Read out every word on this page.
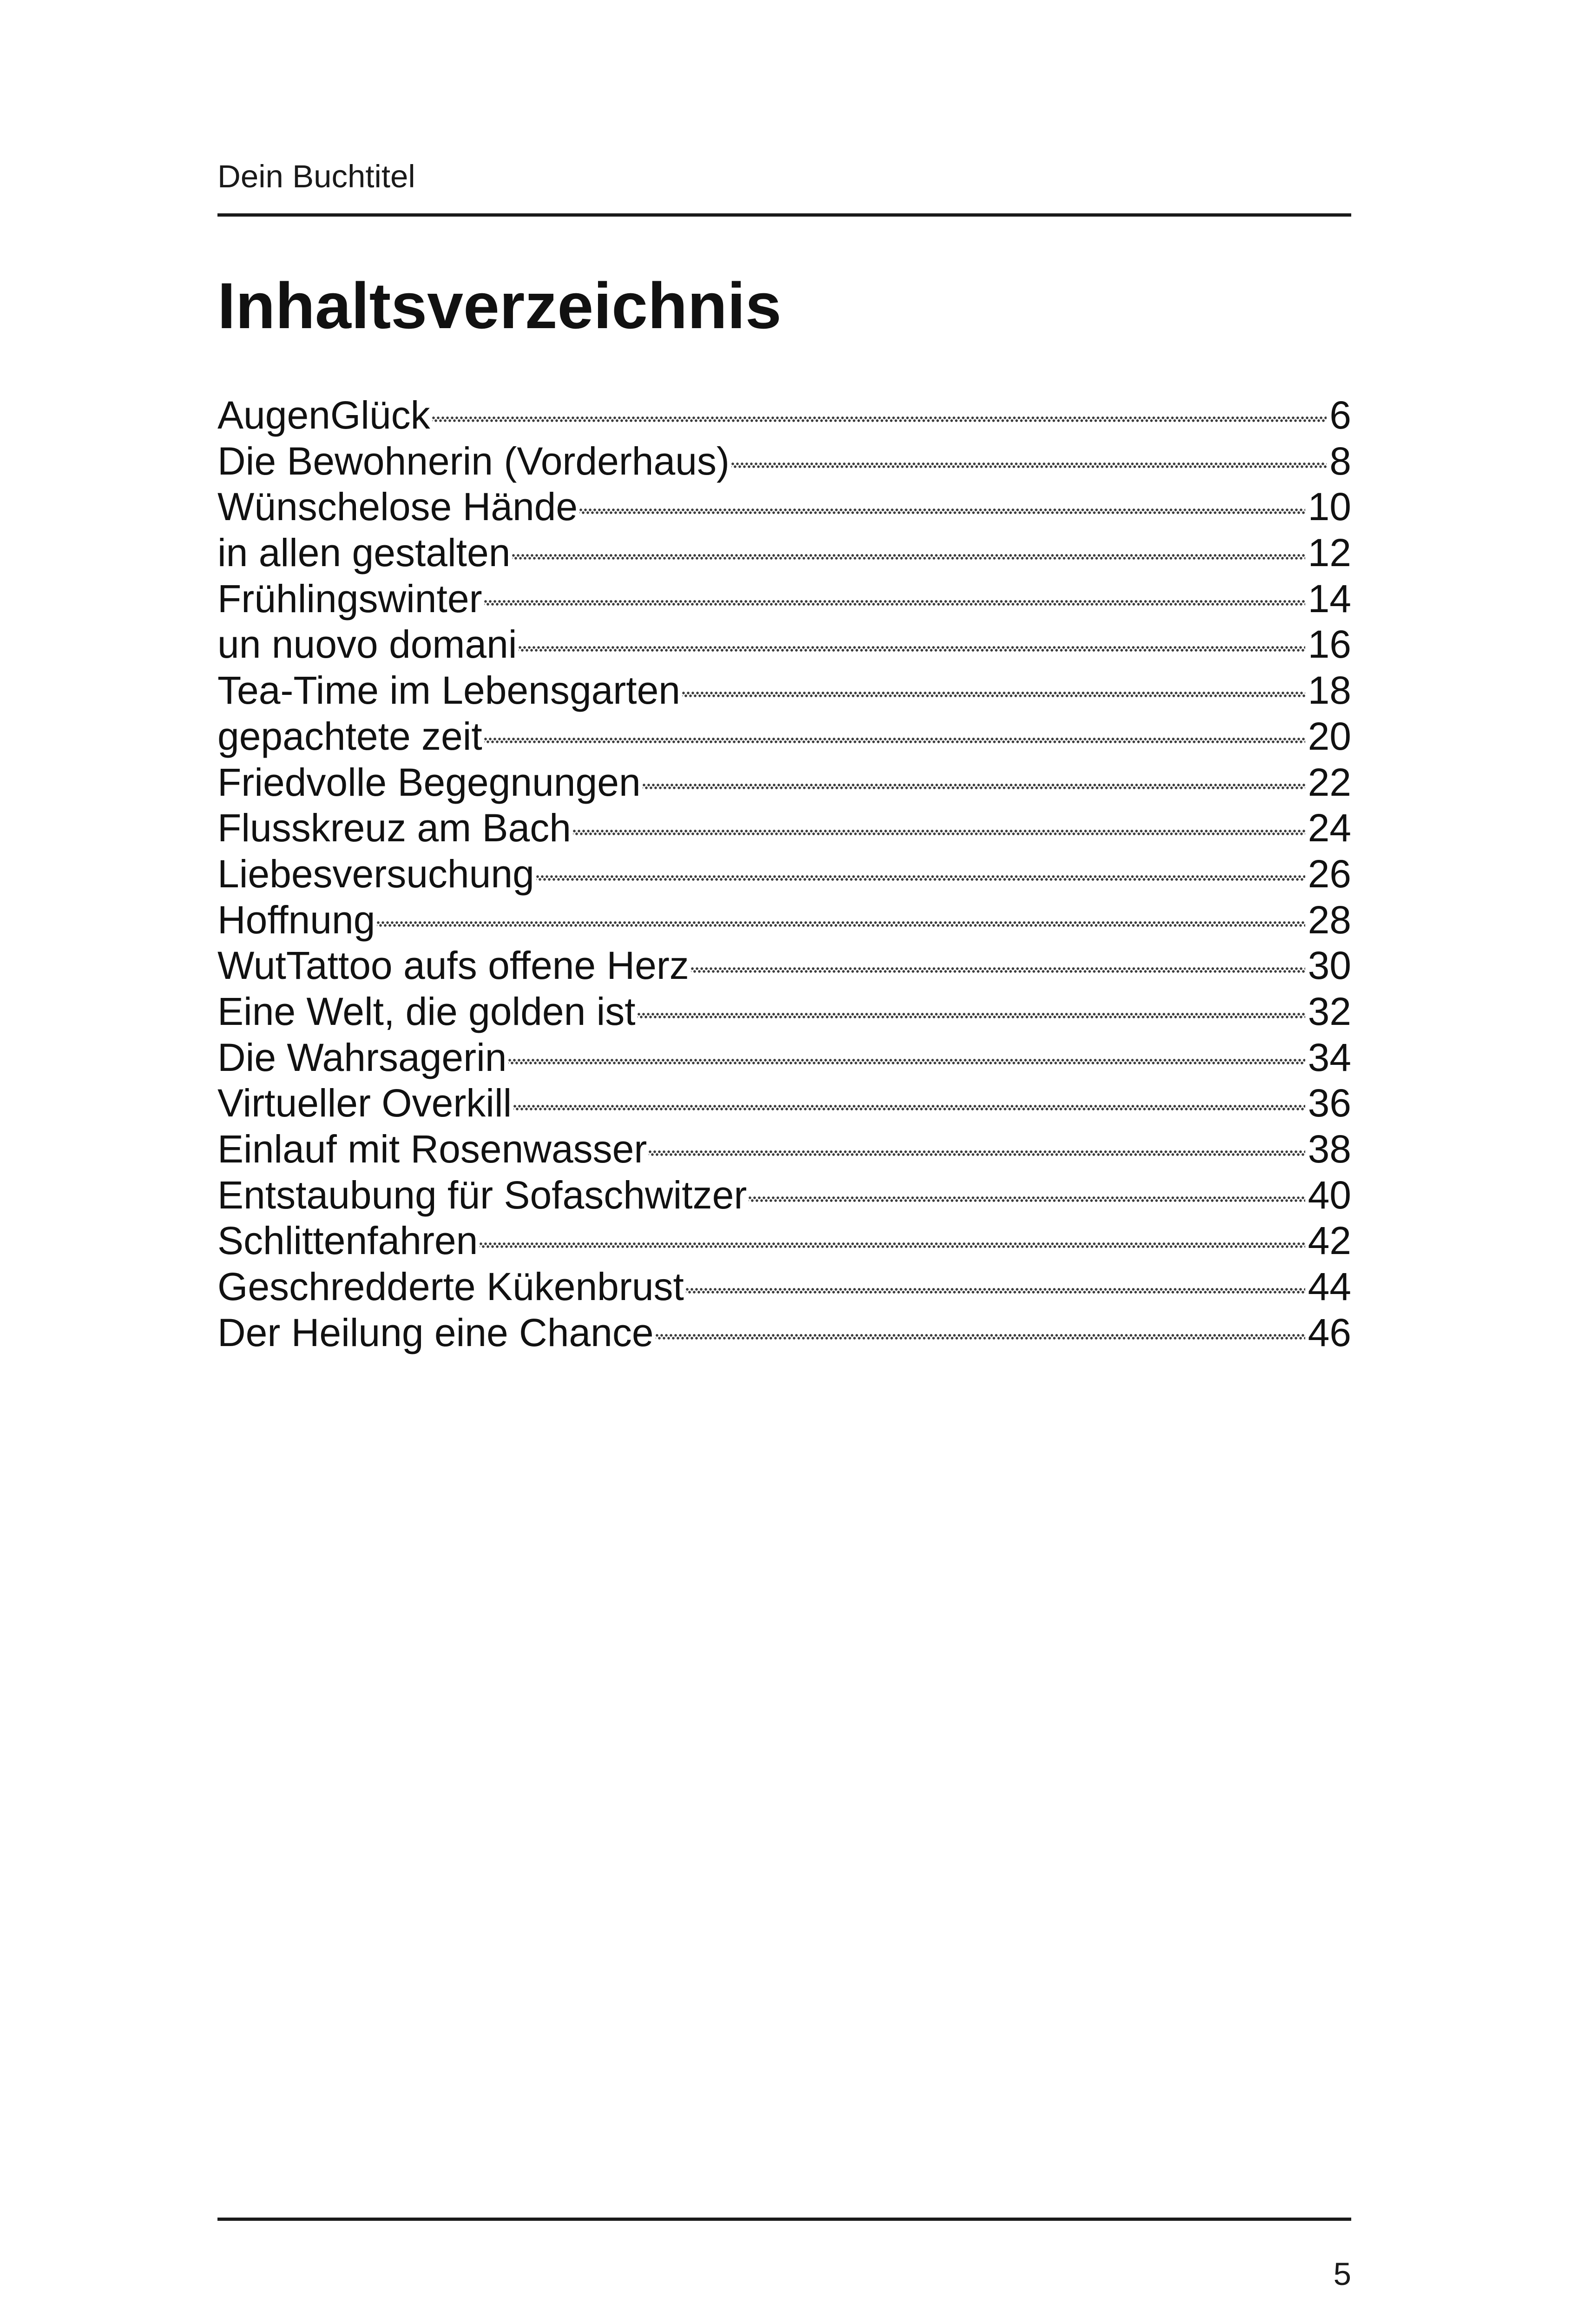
Dein Buchtitel
Inhaltsverzeichnis
AugenGlück	6
Die Bewohnerin (Vorderhaus)	8
Wünschelose Hände	10
in allen gestalten	12
Frühlingswinter	14
un nuovo domani	16
Tea-Time im Lebensgarten	18
gepachtete zeit	20
Friedvolle Begegnungen	22
Flusskreuz am Bach	24
Liebesversuchung	26
Hoffnung	28
WutTattoo aufs offene Herz	30
Eine Welt, die golden ist	32
Die Wahrsagerin	34
Virtueller Overkill	36
Einlauf mit Rosenwasser	38
Entstaubung für Sofaschwitzer	40
Schlittenfahren	42
Geschredderte Kükenbrust	44
Der Heilung eine Chance	46
5
